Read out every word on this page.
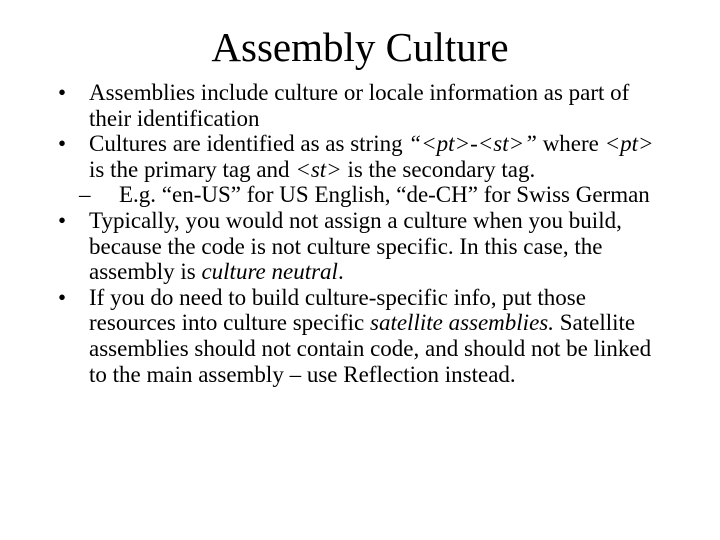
Assembly Culture
• Assemblies include culture or locale information as part of their identification
• Cultures are identified as as string “<pt>-<st>” where <pt> is the primary tag and <st> is the secondary tag.
– E.g. “en-US” for US English, “de-CH” for Swiss German
• Typically, you would not assign a culture when you build, because the code is not culture specific. In this case, the assembly is culture neutral.
• If you do need to build culture-specific info, put those resources into culture specific satellite assemblies. Satellite assemblies should not contain code, and should not be linked to the main assembly – use Reflection instead.
